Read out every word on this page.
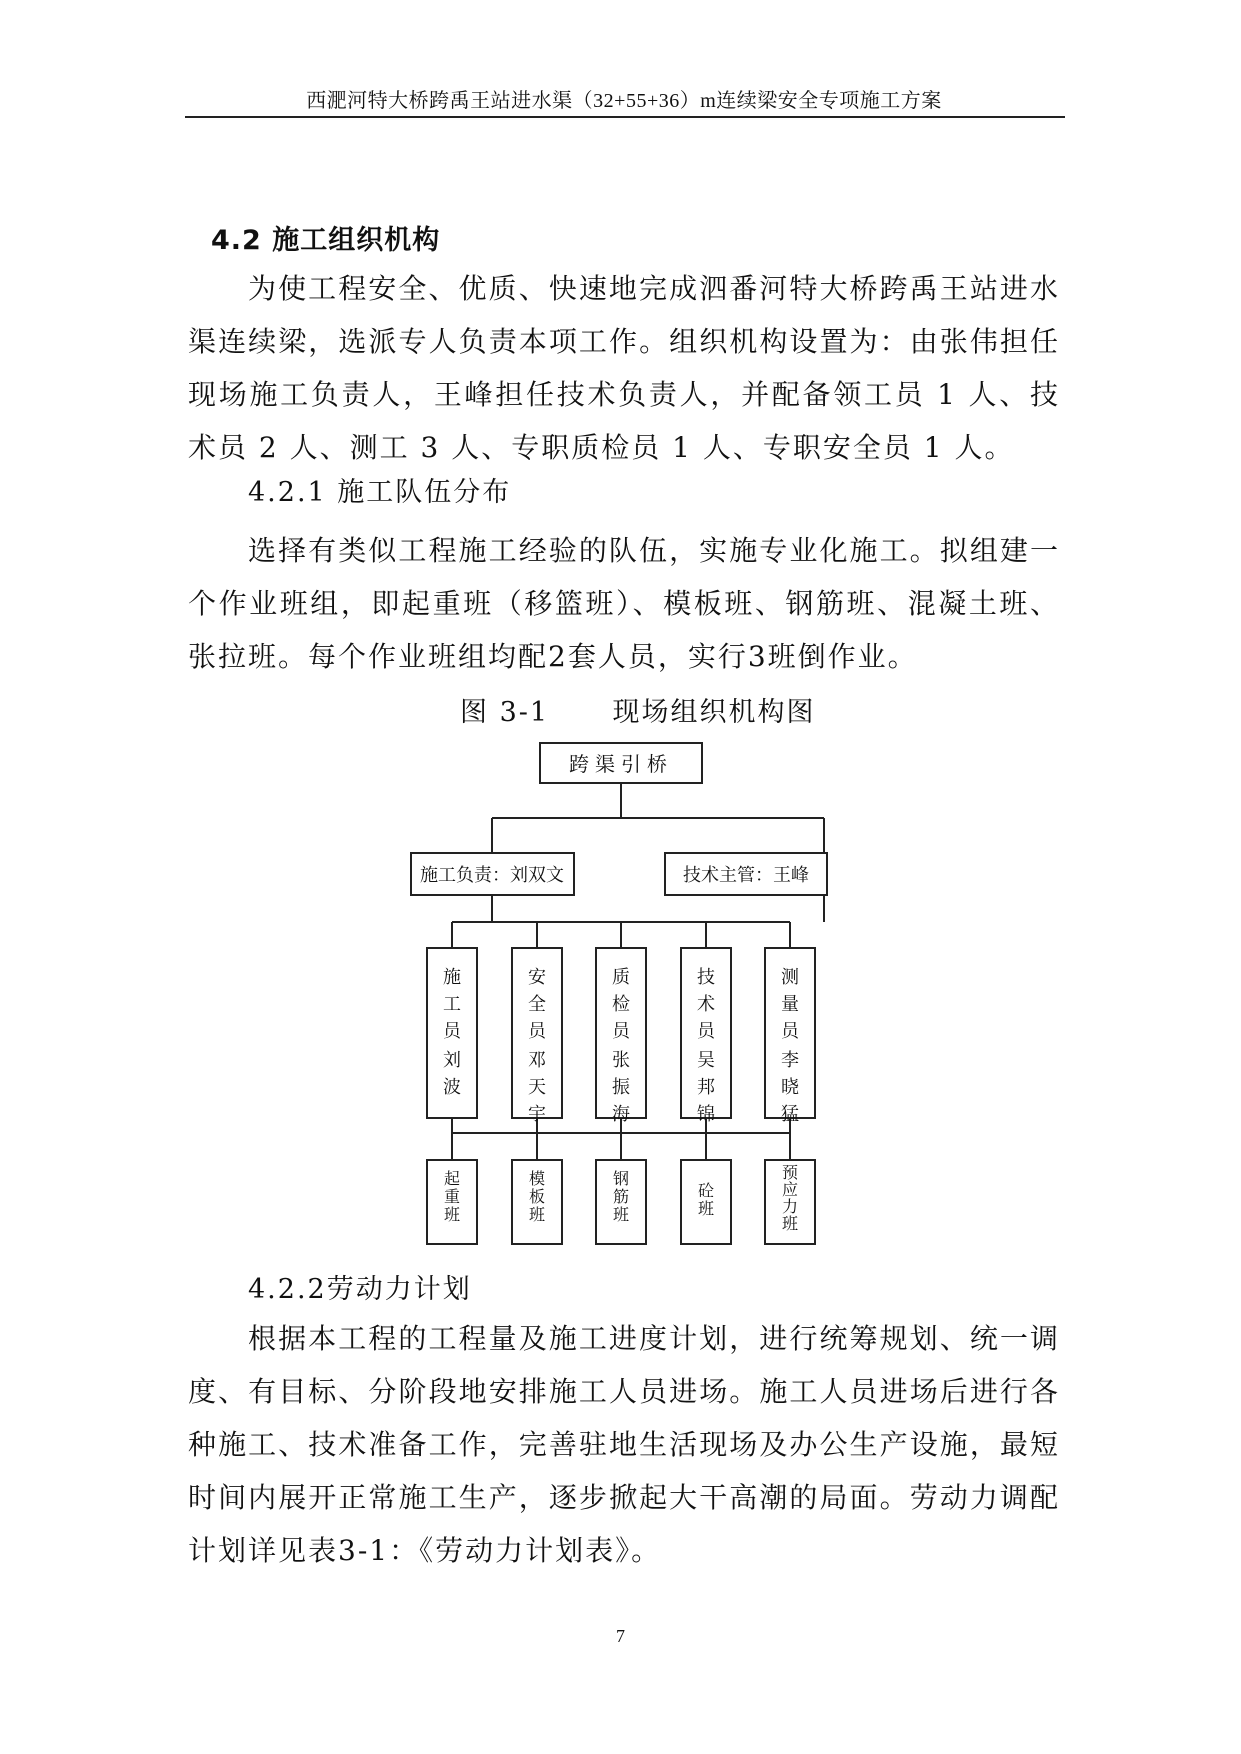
西淝河特大桥跨禹王站进水渠（32+55+36）m连续梁安全专项施工方案
4.2 施工组织机构
为使工程安全、优质、快速地完成泗番河特大桥跨禹王站进水渠连续梁，选派专人负责本项工作。组织机构设置为：由张伟担任现场施工负责人，王峰担任技术负责人，并配备领工员 1 人、技术员 2 人、测工 3 人、专职质检员 1 人、专职安全员 1 人。
4.2.1 施工队伍分布
选择有类似工程施工经验的队伍，实施专业化施工。拟组建一个作业班组，即起重班（移篮班）、模板班、钢筋班、混凝土班、张拉班。每个作业班组均配2套人员，实行3班倒作业。
图 3-1      现场组织机构图
跨渠引桥
施工负责：刘双文	技术主管：王峰
施
工
员
刘
波
安
全
员
邓
天
宇
质
检
员
张
振
海
技
术
员
吴
邦
锦
测
量
员
李
晓
猛
起
重
班
模
板
班
钢
筋
班
砼
班
预
应
力
班
4.2.2劳动力计划
根据本工程的工程量及施工进度计划，进行统筹规划、统一调度、有目标、分阶段地安排施工人员进场。施工人员进场后进行各种施工、技术准备工作，完善驻地生活现场及办公生产设施，最短时间内展开正常施工生产，逐步掀起大干高潮的局面。劳动力调配计划详见表3-1：《劳动力计划表》。
7
